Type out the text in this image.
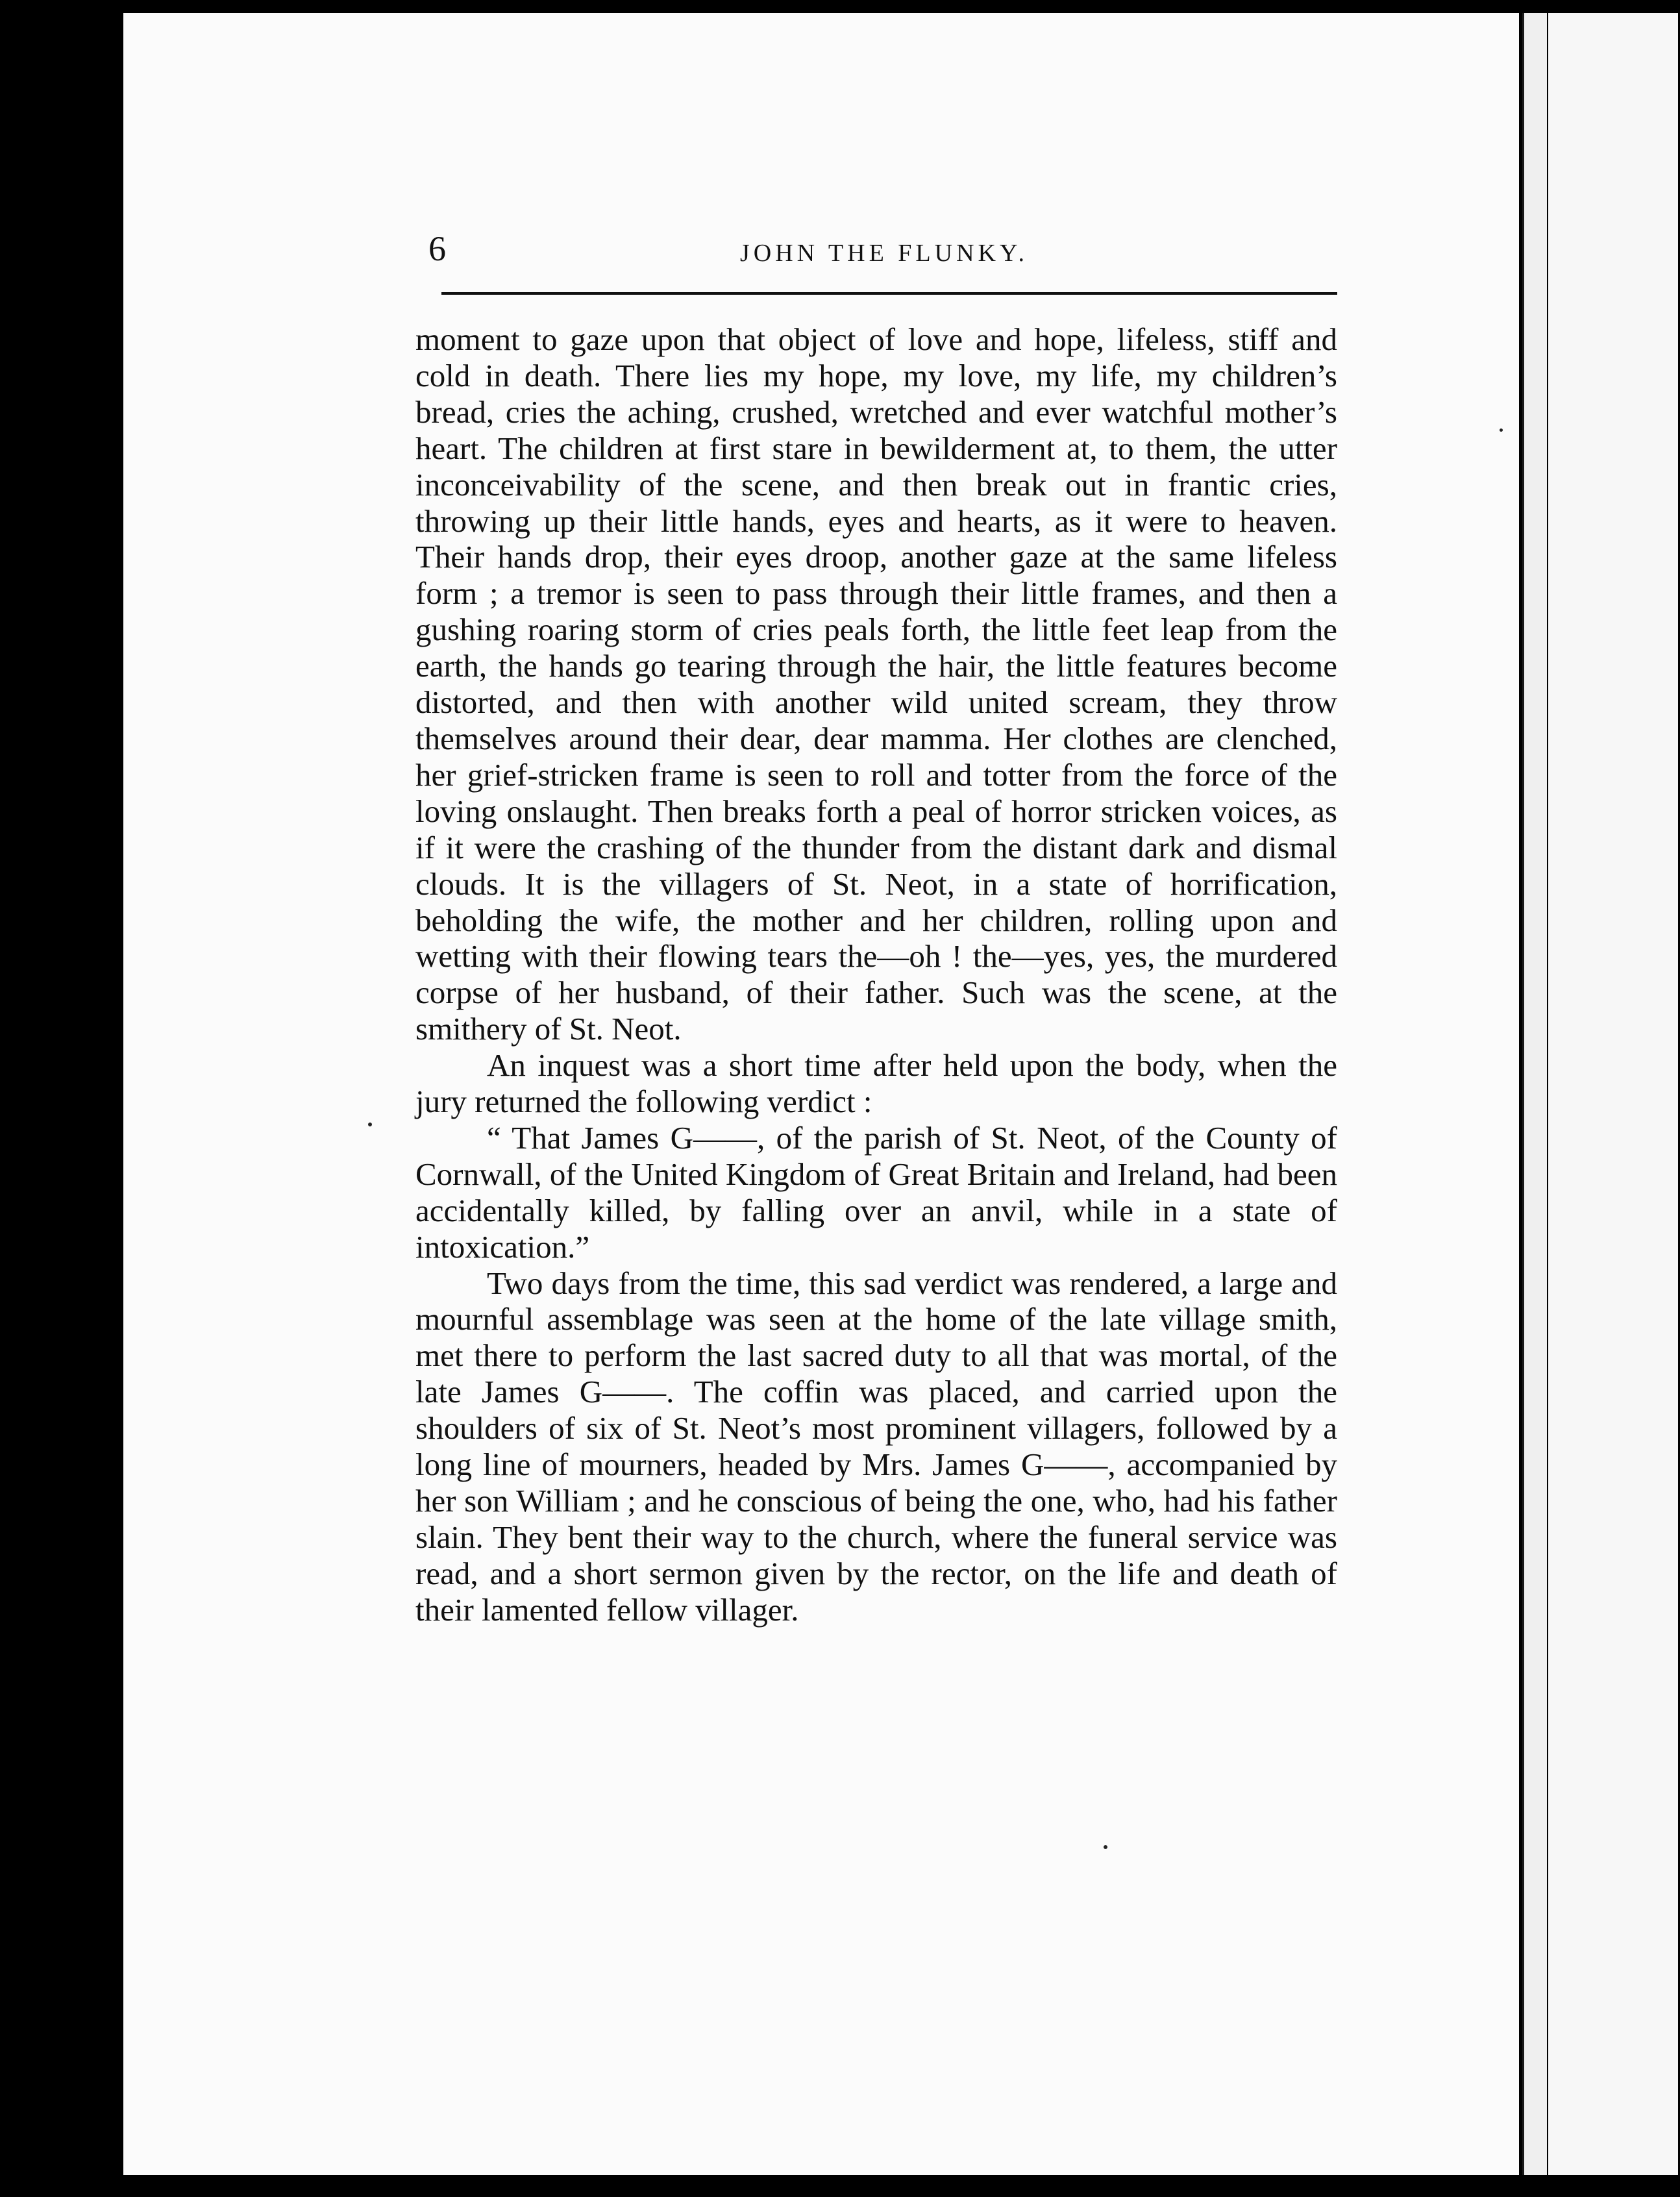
6	JOHN THE FLUNKY.

moment to gaze upon that object of love and hope, lifeless, stiff and cold in death. There lies my hope, my love, my life, my children’s bread, cries the aching, crushed, wretched and ever watchful mother’s heart. The children at first stare in bewilderment at, to them, the utter inconceivability of the scene, and then break out in frantic cries, throwing up their little hands, eyes and hearts, as it were to heaven. Their hands drop, their eyes droop, another gaze at the same lifeless form ; a tremor is seen to pass through their little frames, and then a gushing roaring storm of cries peals forth, the little feet leap from the earth, the hands go tearing through the hair, the little features become distorted, and then with another wild united scream, they throw themselves around their dear, dear mamma. Her clothes are clenched, her grief-stricken frame is seen to roll and totter from the force of the loving onslaught. Then breaks forth a peal of horror stricken voices, as if it were the crashing of the thunder from the distant dark and dismal clouds. It is the villagers of St. Neot, in a state of horrification, beholding the wife, the mother and her children, rolling upon and wetting with their flowing tears the—oh ! the—yes, yes, the murdered corpse of her husband, of their father. Such was the scene, at the smithery of St. Neot.

An inquest was a short time after held upon the body, when the jury returned the following verdict :

“ That James G——, of the parish of St. Neot, of the County of Cornwall, of the United Kingdom of Great Britain and Ireland, had been accidentally killed, by falling over an anvil, while in a state of intoxication.”

Two days from the time, this sad verdict was rendered, a large and mournful assemblage was seen at the home of the late village smith, met there to perform the last sacred duty to all that was mortal, of the late James G——. The coffin was placed, and carried upon the shoulders of six of St. Neot’s most prominent villagers, followed by a long line of mourners, headed by Mrs. James G——, accompanied by her son William ; and he conscious of being the one, who, had his father slain. They bent their way to the church, where the funeral service was read, and a short sermon given by the rector, on the life and death of their lamented fellow villager.
